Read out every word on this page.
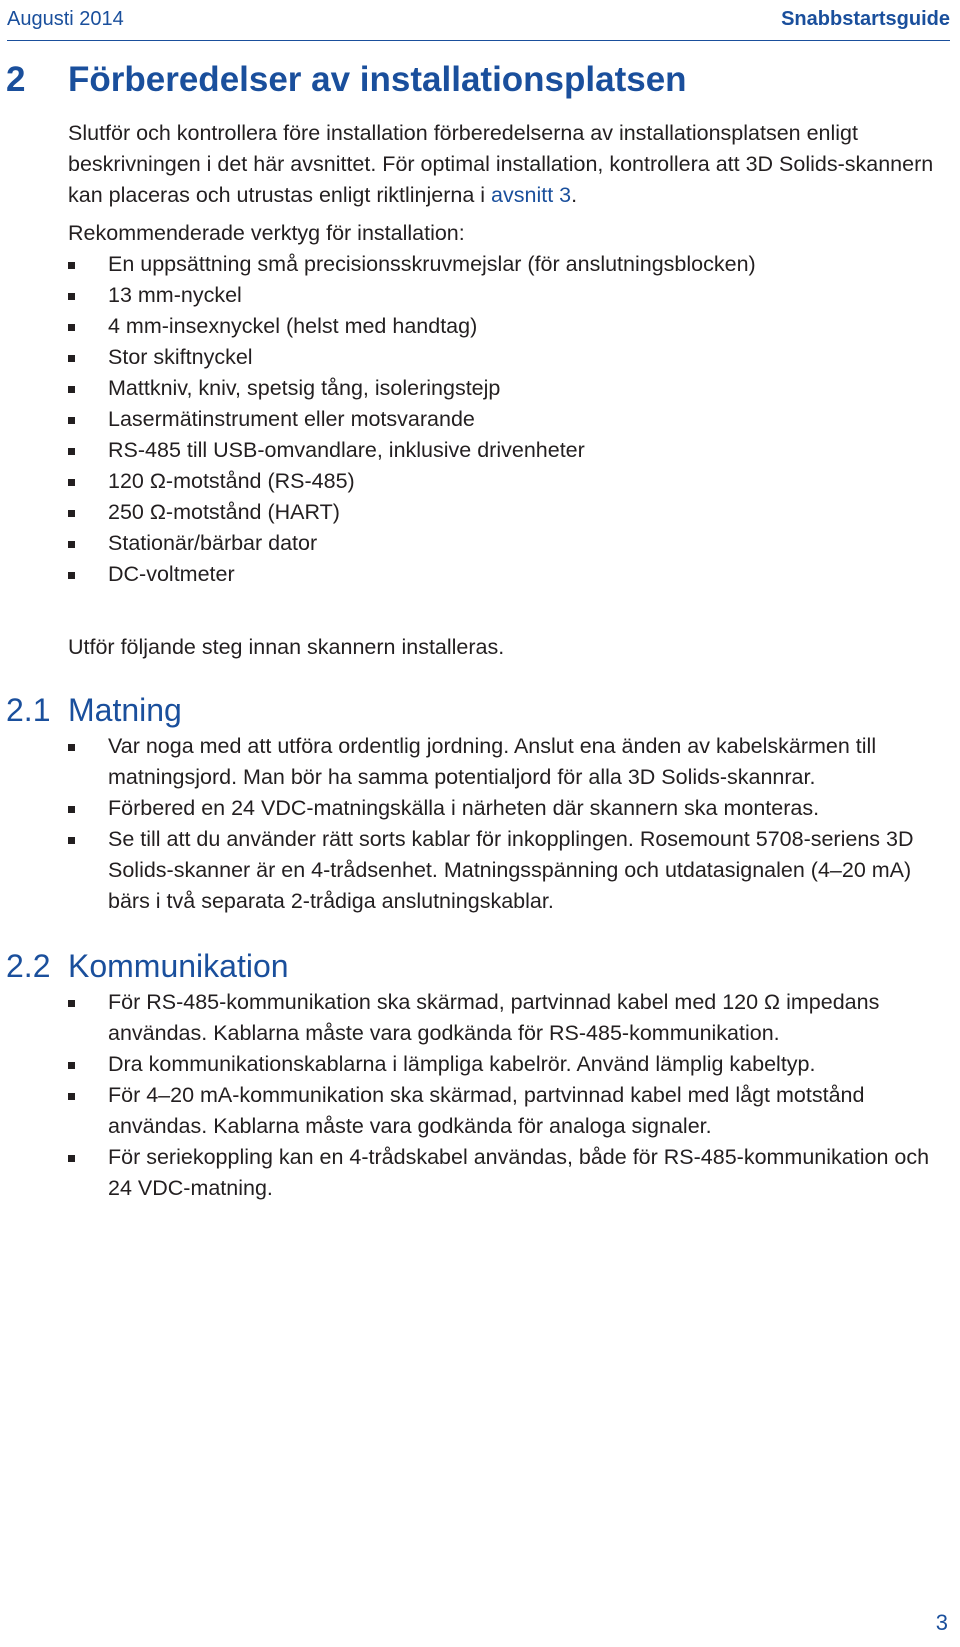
Augusti 2014	Snabbstartsguide
2 Förberedelser av installationsplatsen

Slutför och kontrollera före installation förberedelserna av installationsplatsen enligt beskrivningen i det här avsnittet. För optimal installation, kontrollera att 3D Solids-skannern kan placeras och utrustas enligt riktlinjerna i avsnitt 3.

Rekommenderade verktyg för installation:

En uppsättning små precisionsskruvmejslar (för anslutningsblocken)
13 mm-nyckel
4 mm-insexnyckel (helst med handtag)
Stor skiftnyckel
Mattkniv, kniv, spetsig tång, isoleringstejp
Lasermätinstrument eller motsvarande
RS-485 till USB-omvandlare, inklusive drivenheter
120 Ω-motstånd (RS-485)
250 Ω-motstånd (HART)
Stationär/bärbar dator
DC-voltmeter

Utför följande steg innan skannern installeras.

2.1 Matning
Var noga med att utföra ordentlig jordning. Anslut ena änden av kabelskärmen till matningsjord. Man bör ha samma potentialjord för alla 3D Solids-skannrar.
Förbered en 24 VDC-matningskälla i närheten där skannern ska monteras.
Se till att du använder rätt sorts kablar för inkopplingen. Rosemount 5708-seriens 3D Solids-skanner är en 4-trådsenhet. Matningsspänning och utdatasignalen (4–20 mA) bärs i två separata 2-trådiga anslutningskablar.
2.2 Kommunikation
För RS-485-kommunikation ska skärmad, partvinnad kabel med 120 Ω impedans användas. Kablarna måste vara godkända för RS-485-kommunikation.
Dra kommunikationskablarna i lämpliga kabelrör. Använd lämplig kabeltyp.
För 4–20 mA-kommunikation ska skärmad, partvinnad kabel med lågt motstånd användas. Kablarna måste vara godkända för analoga signaler.
För seriekoppling kan en 4-trådskabel användas, både för RS-485-kommunikation och 24 VDC-matning.
3
